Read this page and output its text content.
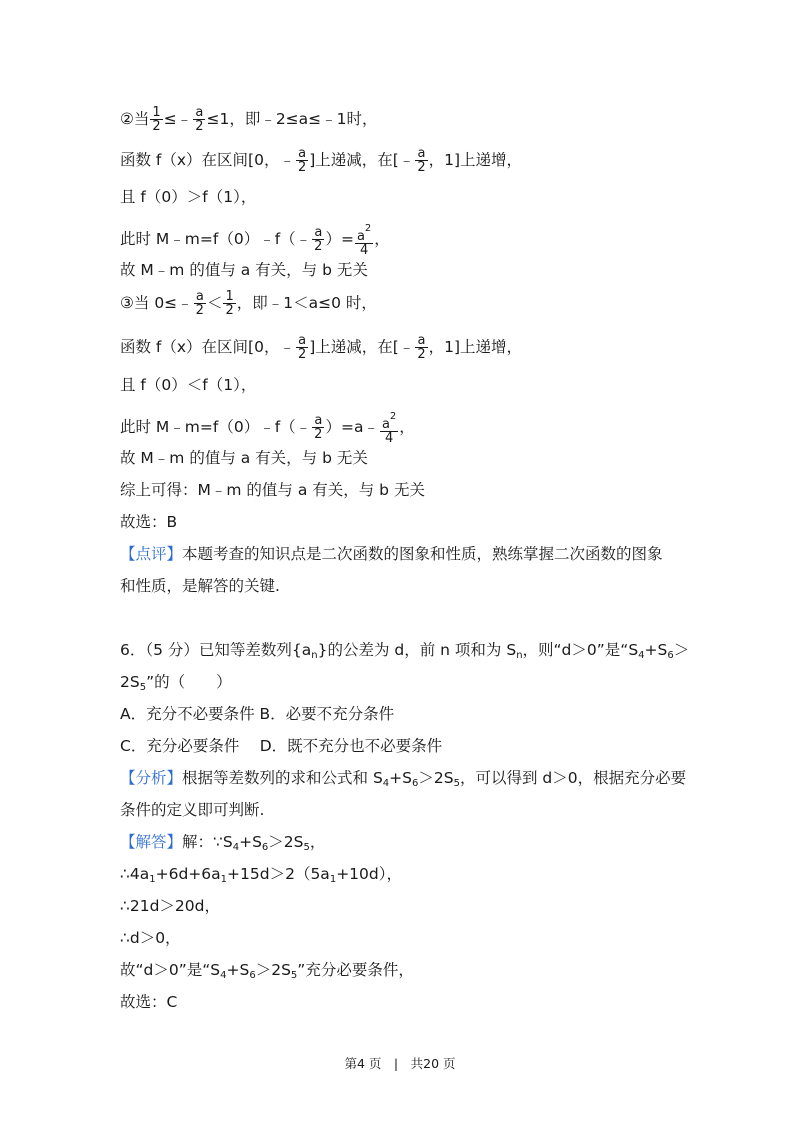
②当 $\frac{1}{2}$ ≤﹣ $\frac{a}{2} \le 1$，即﹣2≤a≤﹣1时，
函数 f（x）在区间[0，﹣ $\frac{a}{2}$ ]上递减，在[﹣ $\frac{a}{2}$ ，1]上递增，
且 f（0）＞f（1），
此时 M﹣m=f（0）﹣f（﹣ $\frac{a}{2}$ ）= $\frac{a^2}{4}$ ，
故 M﹣m 的值与 a 有关，与 b 无关
③当 0≤﹣ $\frac{a}{2} < \frac{1}{2}$ ，即﹣1＜a≤0 时，
函数 f（x）在区间[0，﹣ $\frac{a}{2}$ ]上递减，在[﹣ $\frac{a}{2}$ ，1]上递增，
且 f（0）＜f（1），
此时 M﹣m=f（0）﹣f（﹣ $\frac{a}{2}$ ）=a﹣ $\frac{a^2}{4}$ ，
故 M﹣m 的值与 a 有关，与 b 无关
综上可得：M﹣m 的值与 a 有关，与 b 无关
故选：B
【点评】本题考查的知识点是二次函数的图象和性质，熟练掌握二次函数的图象
和性质，是解答的关键.
6．（5 分）已知等差数列$\{a_n\}$的公差为 d，前 n 项和为 $S_n$，则“d＞0”是“$S_4+S_6>$
$2S_5$”的（　　）
A．充分不必要条件 B．必要不充分条件
C．充分必要条件　 D．既不充分也不必要条件
【分析】根据等差数列的求和公式和 $S_4+S_6>2S_5$，可以得到 d＞0，根据充分必要
条件的定义即可判断.
【解答】解：$\because S_4+S_6>2S_5$，
$\therefore 4a_1+6d+6a_1+15d>2(5a_1+10d)$，
∴21d＞20d，
∴d＞0，
故“d＞0”是“$S_4+S_6>2S_5$”充分必要条件，
故选：C
第4 页　|　共20 页
